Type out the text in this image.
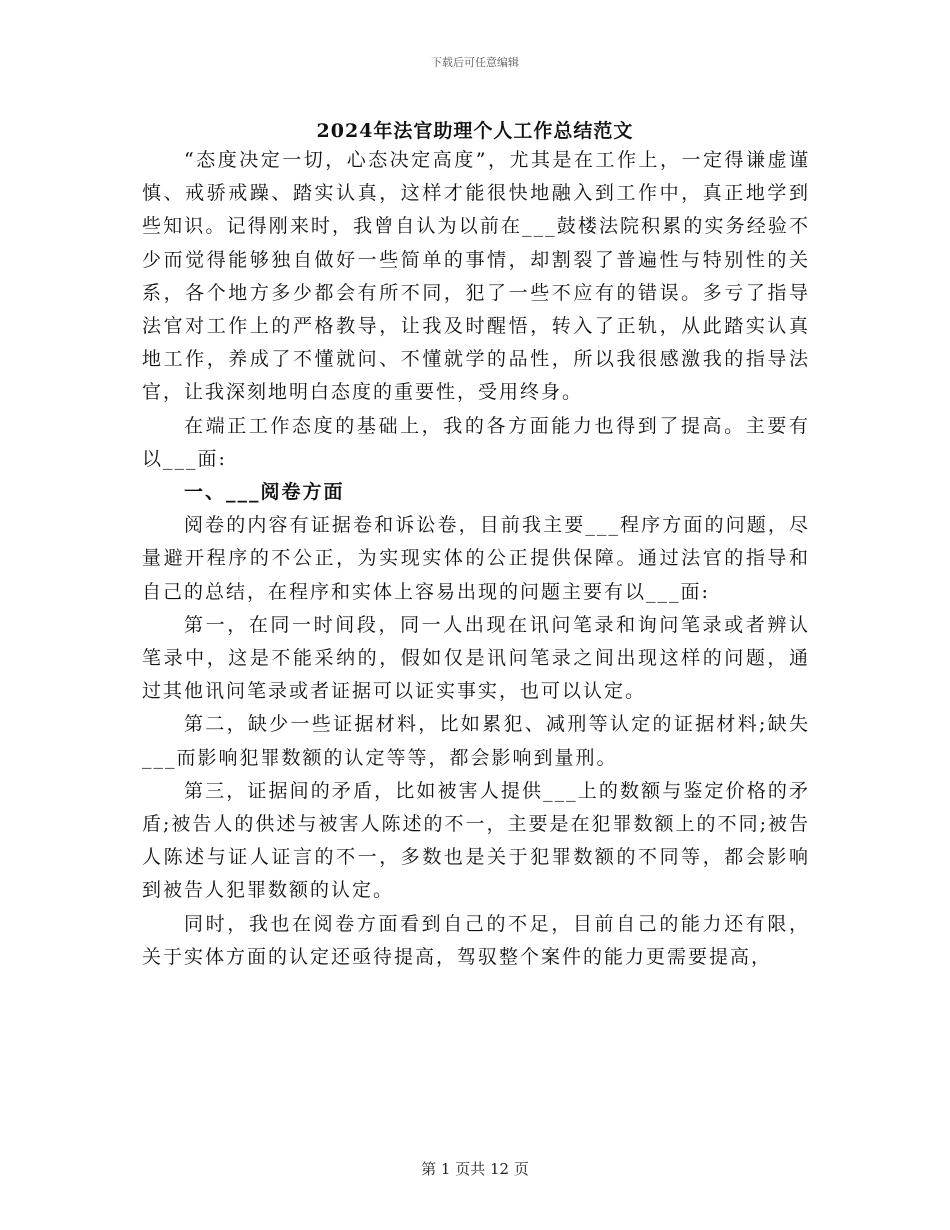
下载后可任意编辑
2024年法官助理个人工作总结范文

“态度决定一切，心态决定高度”，尤其是在工作上，一定得谦虚谨慎、戒骄戒躁、踏实认真，这样才能很快地融入到工作中，真正地学到些知识。记得刚来时，我曾自认为以前在___鼓楼法院积累的实务经验不少而觉得能够独自做好一些简单的事情，却割裂了普遍性与特别性的关系，各个地方多少都会有所不同，犯了一些不应有的错误。多亏了指导法官对工作上的严格教导，让我及时醒悟，转入了正轨，从此踏实认真地工作，养成了不懂就问、不懂就学的品性，所以我很感激我的指导法官，让我深刻地明白态度的重要性，受用终身。

在端正工作态度的基础上，我的各方面能力也得到了提高。主要有以___面:

一、___阅卷方面

阅卷的内容有证据卷和诉讼卷，目前我主要___程序方面的问题，尽量避开程序的不公正，为实现实体的公正提供保障。通过法官的指导和自己的总结，在程序和实体上容易出现的问题主要有以___面:

第一，在同一时间段，同一人出现在讯问笔录和询问笔录或者辨认笔录中，这是不能采纳的，假如仅是讯问笔录之间出现这样的问题，通过其他讯问笔录或者证据可以证实事实，也可以认定。

第二，缺少一些证据材料，比如累犯、减刑等认定的证据材料;缺失___而影响犯罪数额的认定等等，都会影响到量刑。

第三，证据间的矛盾，比如被害人提供___上的数额与鉴定价格的矛盾;被告人的供述与被害人陈述的不一，主要是在犯罪数额上的不同;被告人陈述与证人证言的不一，多数也是关于犯罪数额的不同等，都会影响到被告人犯罪数额的认定。

同时，我也在阅卷方面看到自己的不足，目前自己的能力还有限，关于实体方面的认定还亟待提高，驾驭整个案件的能力更需要提高，

第 1 页共 12 页
